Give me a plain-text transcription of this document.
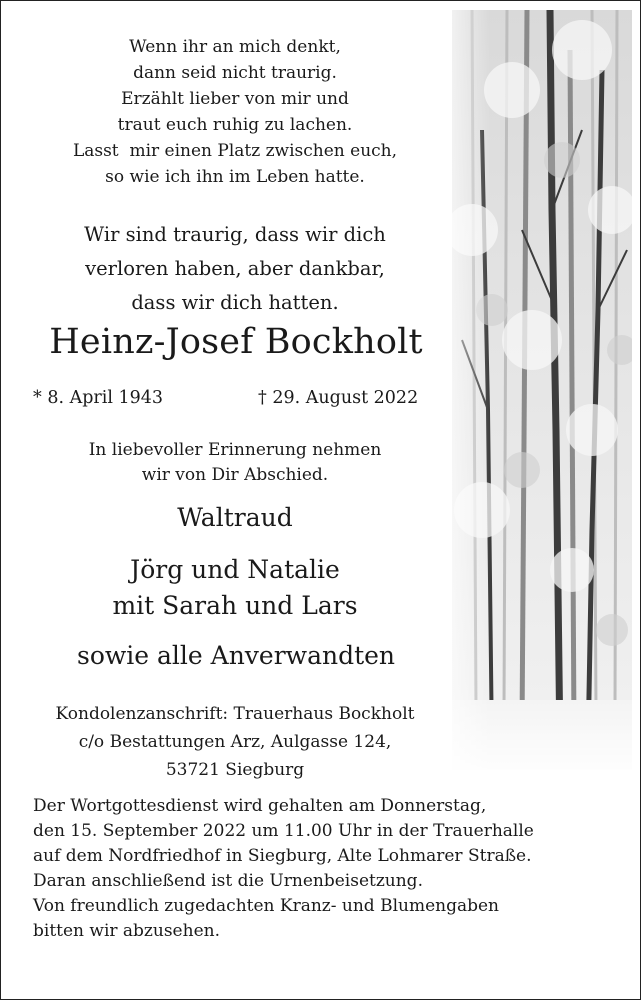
Wenn ihr an mich denkt,
dann seid nicht traurig.
Erzählt lieber von mir und
traut euch ruhig zu lachen.
Lasst  mir einen Platz zwischen euch,
so wie ich ihn im Leben hatte.
Wir sind traurig, dass wir dich
verloren haben, aber dankbar,
dass wir dich hatten.
Heinz-Josef Bockholt
* 8. April 1943	† 29. August 2022
In liebevoller Erinnerung nehmen
wir von Dir Abschied.
Waltraud
Jörg und Natalie
mit Sarah und Lars
sowie alle Anverwandten
Kondolenzanschrift: Trauerhaus Bockholt
c/o Bestattungen Arz, Aulgasse 124,
53721 Siegburg
Der Wortgottesdienst wird gehalten am Donnerstag,
den 15. September 2022 um 11.00 Uhr in der Trauerhalle
auf dem Nordfriedhof in Siegburg, Alte Lohmarer Straße.
Daran anschließend ist die Urnenbeisetzung.
Von freundlich zugedachten Kranz- und Blumengaben
bitten wir abzusehen.
